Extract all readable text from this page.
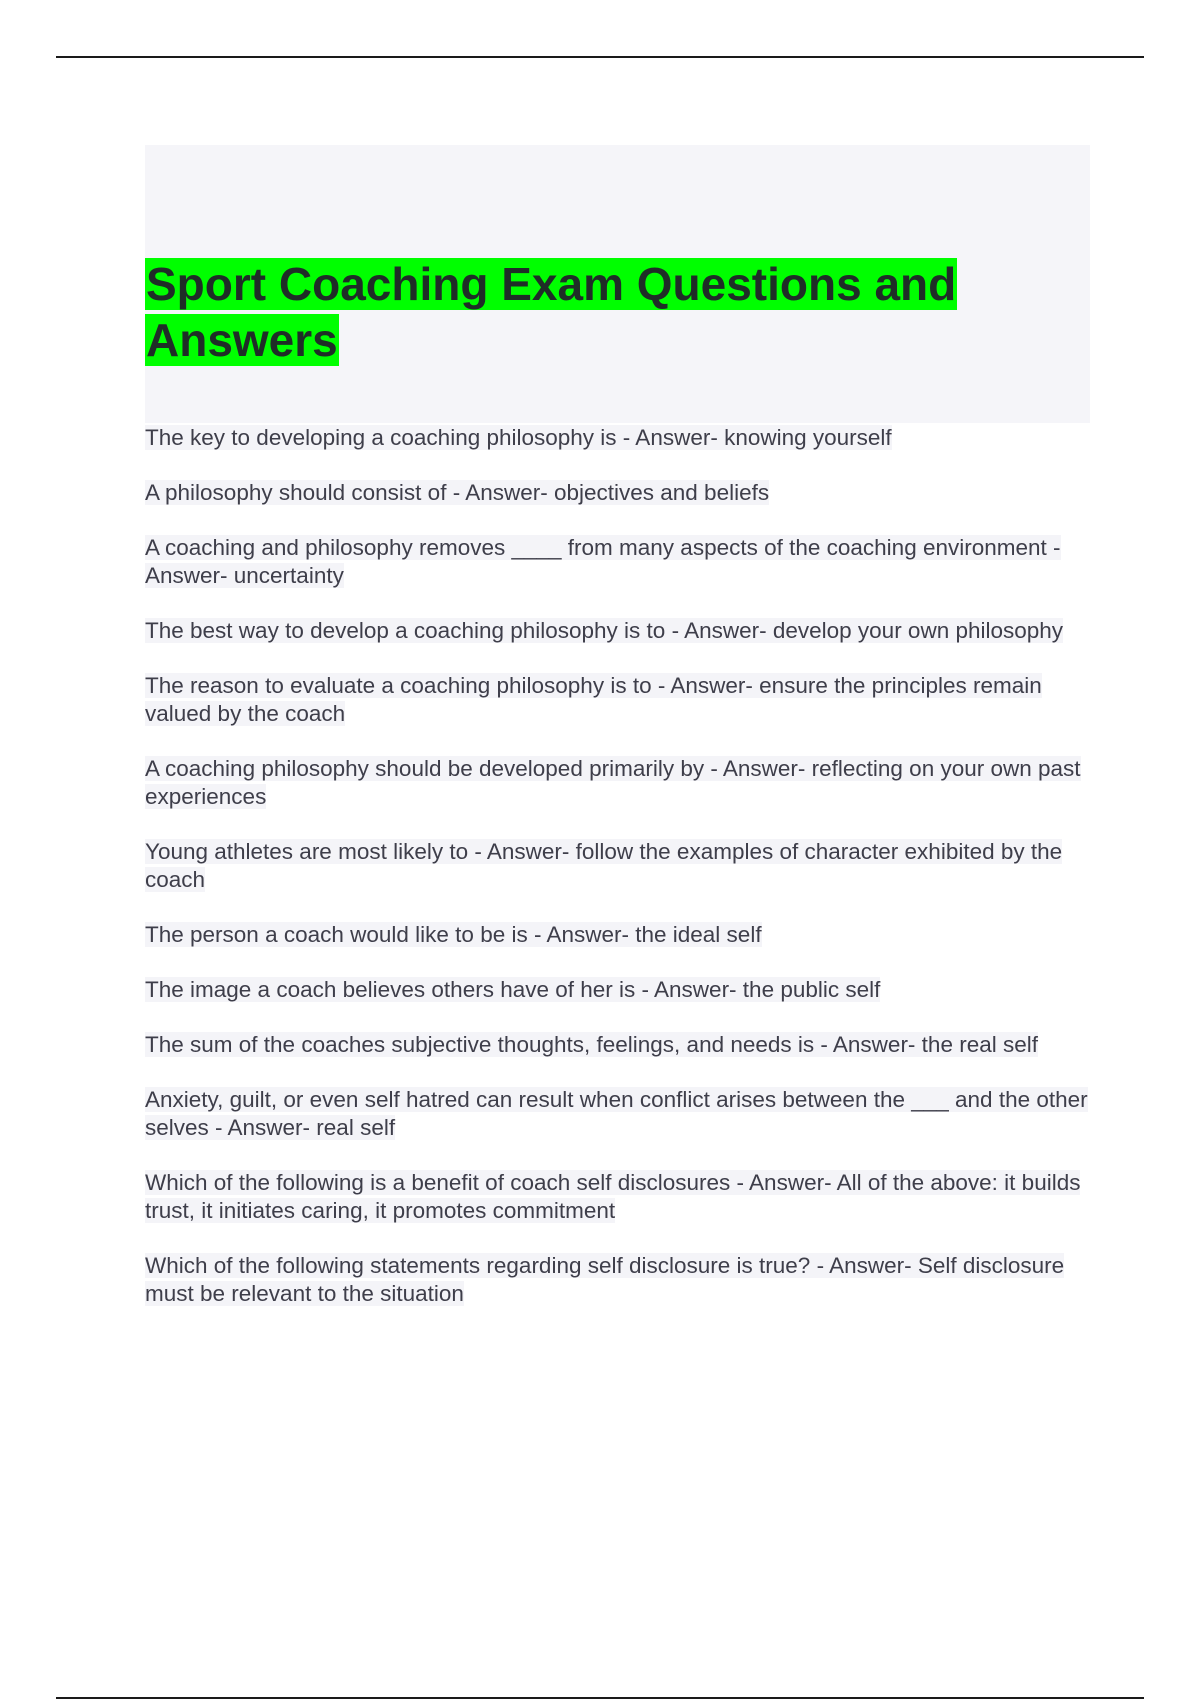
Sport Coaching Exam Questions and Answers
The key to developing a coaching philosophy is - Answer- knowing yourself
A philosophy should consist of - Answer- objectives and beliefs
A coaching and philosophy removes ____ from many aspects of the coaching environment - Answer- uncertainty
The best way to develop a coaching philosophy is to - Answer- develop your own philosophy
The reason to evaluate a coaching philosophy is to - Answer- ensure the principles remain valued by the coach
A coaching philosophy should be developed primarily by - Answer- reflecting on your own past experiences
Young athletes are most likely to - Answer- follow the examples of character exhibited by the coach
The person a coach would like to be is - Answer- the ideal self
The image a coach believes others have of her is - Answer- the public self
The sum of the coaches subjective thoughts, feelings, and needs is - Answer- the real self
Anxiety, guilt, or even self hatred can result when conflict arises between the ___ and the other selves - Answer- real self
Which of the following is a benefit of coach self disclosures - Answer- All of the above: it builds trust, it initiates caring, it promotes commitment
Which of the following statements regarding self disclosure is true? - Answer- Self disclosure must be relevant to the situation
